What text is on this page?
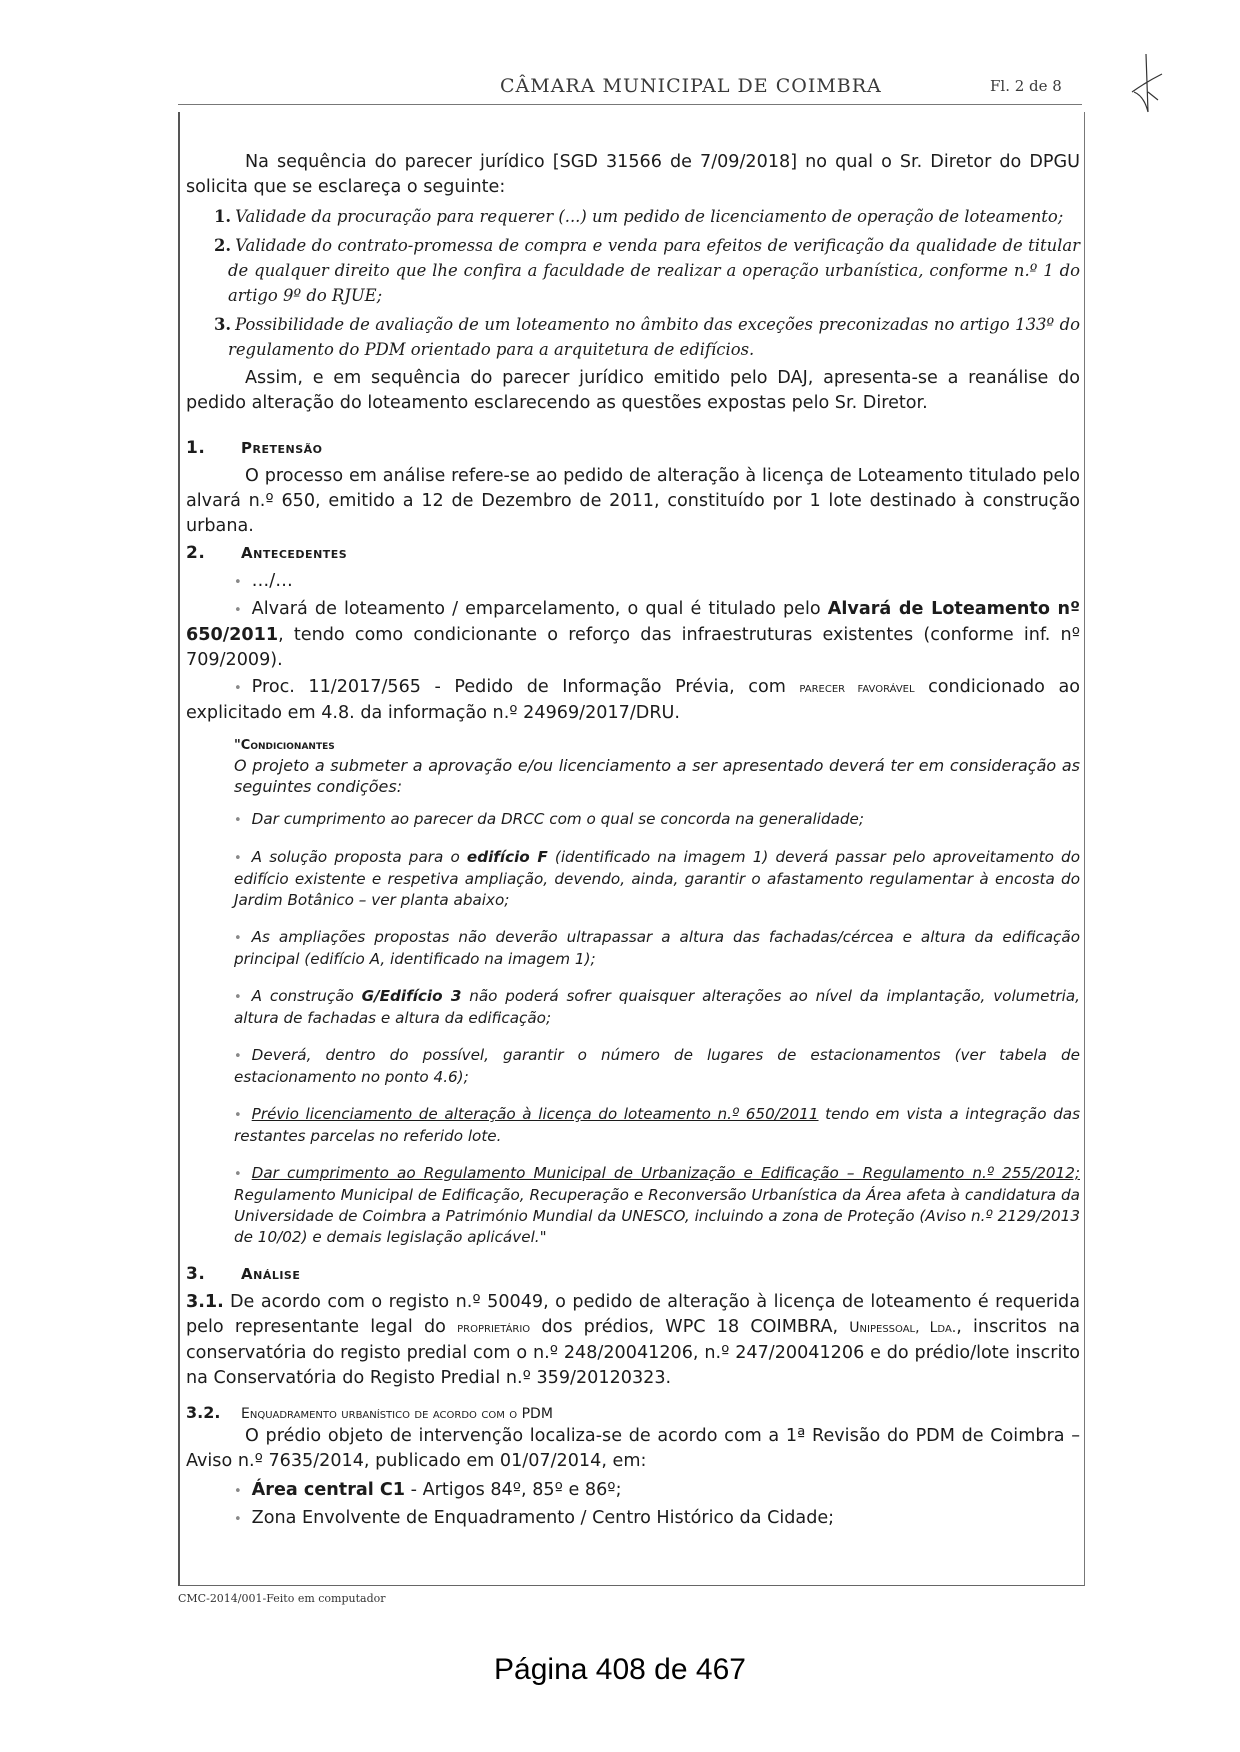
CÂMARA MUNICIPAL DE COIMBRA	Fl. 2 de 8

Na sequência do parecer jurídico [SGD 31566 de 7/09/2018] no qual o Sr. Diretor do DPGU solicita que se esclareça o seguinte:

1. Validade da procuração para requerer (...) um pedido de licenciamento de operação de loteamento;

2. Validade do contrato-promessa de compra e venda para efeitos de verificação da qualidade de titular de qualquer direito que lhe confira a faculdade de realizar a operação urbanística, conforme n.º 1 do artigo 9º do RJUE;

3. Possibilidade de avaliação de um loteamento no âmbito das exceções preconizadas no artigo 133º do regulamento do PDM orientado para a arquitetura de edifícios.

Assim, e em sequência do parecer jurídico emitido pelo DAJ, apresenta-se a reanálise do pedido alteração do loteamento esclarecendo as questões expostas pelo Sr. Diretor.

1. Pretensão

O processo em análise refere-se ao pedido de alteração à licença de Loteamento titulado pelo alvará n.º 650, emitido a 12 de Dezembro de 2011, constituído por 1 lote destinado à construção urbana.

2. Antecedentes

• …/…

• Alvará de loteamento / emparcelamento, o qual é titulado pelo Alvará de Loteamento nº 650/2011, tendo como condicionante o reforço das infraestruturas existentes (conforme inf. nº 709/2009).

• Proc. 11/2017/565 - Pedido de Informação Prévia, com parecer favorável condicionado ao explicitado em 4.8. da informação n.º 24969/2017/DRU.

"Condicionantes

O projeto a submeter a aprovação e/ou licenciamento a ser apresentado deverá ter em consideração as seguintes condições:

• Dar cumprimento ao parecer da DRCC com o qual se concorda na generalidade;

• A solução proposta para o edifício F (identificado na imagem 1) deverá passar pelo aproveitamento do edifício existente e respetiva ampliação, devendo, ainda, garantir o afastamento regulamentar à encosta do Jardim Botânico – ver planta abaixo;

• As ampliações propostas não deverão ultrapassar a altura das fachadas/cércea e altura da edificação principal (edifício A, identificado na imagem 1);

• A construção G/Edifício 3 não poderá sofrer quaisquer alterações ao nível da implantação, volumetria, altura de fachadas e altura da edificação;

• Deverá, dentro do possível, garantir o número de lugares de estacionamentos (ver tabela de estacionamento no ponto 4.6);

• Prévio licenciamento de alteração à licença do loteamento n.º 650/2011 tendo em vista a integração das restantes parcelas no referido lote.

• Dar cumprimento ao Regulamento Municipal de Urbanização e Edificação – Regulamento n.º 255/2012; Regulamento Municipal de Edificação, Recuperação e Reconversão Urbanística da Área afeta à candidatura da Universidade de Coimbra a Património Mundial da UNESCO, incluindo a zona de Proteção (Aviso n.º 2129/2013 de 10/02) e demais legislação aplicável."

3. Análise

3.1. De acordo com o registo n.º 50049, o pedido de alteração à licença de loteamento é requerida pelo representante legal do proprietário dos prédios, WPC 18 COIMBRA, Unipessoal, Lda., inscritos na conservatória do registo predial com o n.º 248/20041206, n.º 247/20041206 e do prédio/lote inscrito na Conservatória do Registo Predial n.º 359/20120323.

3.2. Enquadramento urbanístico de acordo com o PDM

O prédio objeto de intervenção localiza-se de acordo com a 1ª Revisão do PDM de Coimbra – Aviso n.º 7635/2014, publicado em 01/07/2014, em:

• Área central C1 - Artigos 84º, 85º e 86º;

• Zona Envolvente de Enquadramento / Centro Histórico da Cidade;

CMC-2014/001-Feito em computador
Página 408 de 467
